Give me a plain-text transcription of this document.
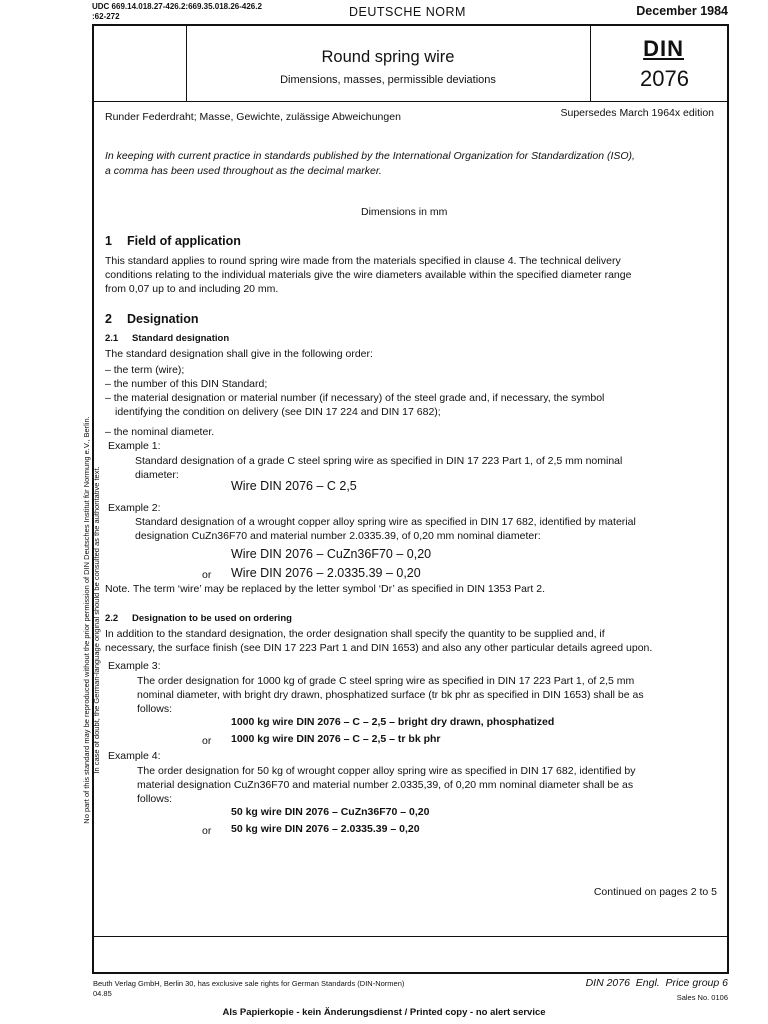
UDC 669.14.018.27-426.2:669.35.018.26-426.2
:62-272	DEUTSCHE NORM	December 1984
Round spring wire
Dimensions, masses, permissible deviations
DIN
2076
Runder Federdraht; Masse, Gewichte, zulässige Abweichungen	Supersedes March 1964x edition
In keeping with current practice in standards published by the International Organization for Standardization (ISO),
a comma has been used throughout as the decimal marker.
Dimensions in mm
1 Field of application
This standard applies to round spring wire made from the materials specified in clause 4. The technical delivery
conditions relating to the individual materials give the wire diameters available within the specified diameter range
from 0,07 up to and including 20 mm.
2 Designation
2.1 Standard designation
The standard designation shall give in the following order:
– the term (wire);
– the number of this DIN Standard;
– the material designation or material number (if necessary) of the steel grade and, if necessary, the symbol
identifying the condition on delivery (see DIN 17 224 and DIN 17 682);
– the nominal diameter.
Example 1:
Standard designation of a grade C steel spring wire as specified in DIN 17 223 Part 1, of 2,5 mm nominal
diameter:
Wire DIN 2076 – C 2,5
Example 2:
Standard designation of a wrought copper alloy spring wire as specified in DIN 17 682, identified by material
designation CuZn36F70 and material number 2.0335.39, of 0,20 mm nominal diameter:
Wire DIN 2076 – CuZn36F70 – 0,20
or Wire DIN 2076 – 2.0335.39 – 0,20
Note. The term ‘wire’ may be replaced by the letter symbol ‘Dr’ as specified in DIN 1353 Part 2.
2.2 Designation to be used on ordering
In addition to the standard designation, the order designation shall specify the quantity to be supplied and, if
necessary, the surface finish (see DIN 17 223 Part 1 and DIN 1653) and also any other particular details agreed upon.
Example 3:
The order designation for 1000 kg of grade C steel spring wire as specified in DIN 17 223 Part 1, of 2,5 mm
nominal diameter, with bright dry drawn, phosphatized surface (tr bk phr as specified in DIN 1653) shall be as
follows:
1000 kg wire DIN 2076 – C – 2,5 – bright dry drawn, phosphatized
or 1000 kg wire DIN 2076 – C – 2,5 – tr bk phr
Example 4:
The order designation for 50 kg of wrought copper alloy spring wire as specified in DIN 17 682, identified by
material designation CuZn36F70 and material number 2.0335,39, of 0,20 mm nominal diameter shall be as
follows:
50 kg wire DIN 2076 – CuZn36F70 – 0,20
or 50 kg wire DIN 2076 – 2.0335.39 – 0,20
Continued on pages 2 to 5
No part of this standard may be reproduced without the prior permission of DIN Deutsches Institut für Normung e.V., Berlin. In case of doubt, the German-language original should be consulted as the authoritative text.
Beuth Verlag GmbH, Berlin 30, has exclusive sale rights for German Standards (DIN-Normen)
04.85
DIN 2076  Engl.  Price group 6
Sales No. 0106
Als Papierkopie - kein Änderungsdienst / Printed copy - no alert service
